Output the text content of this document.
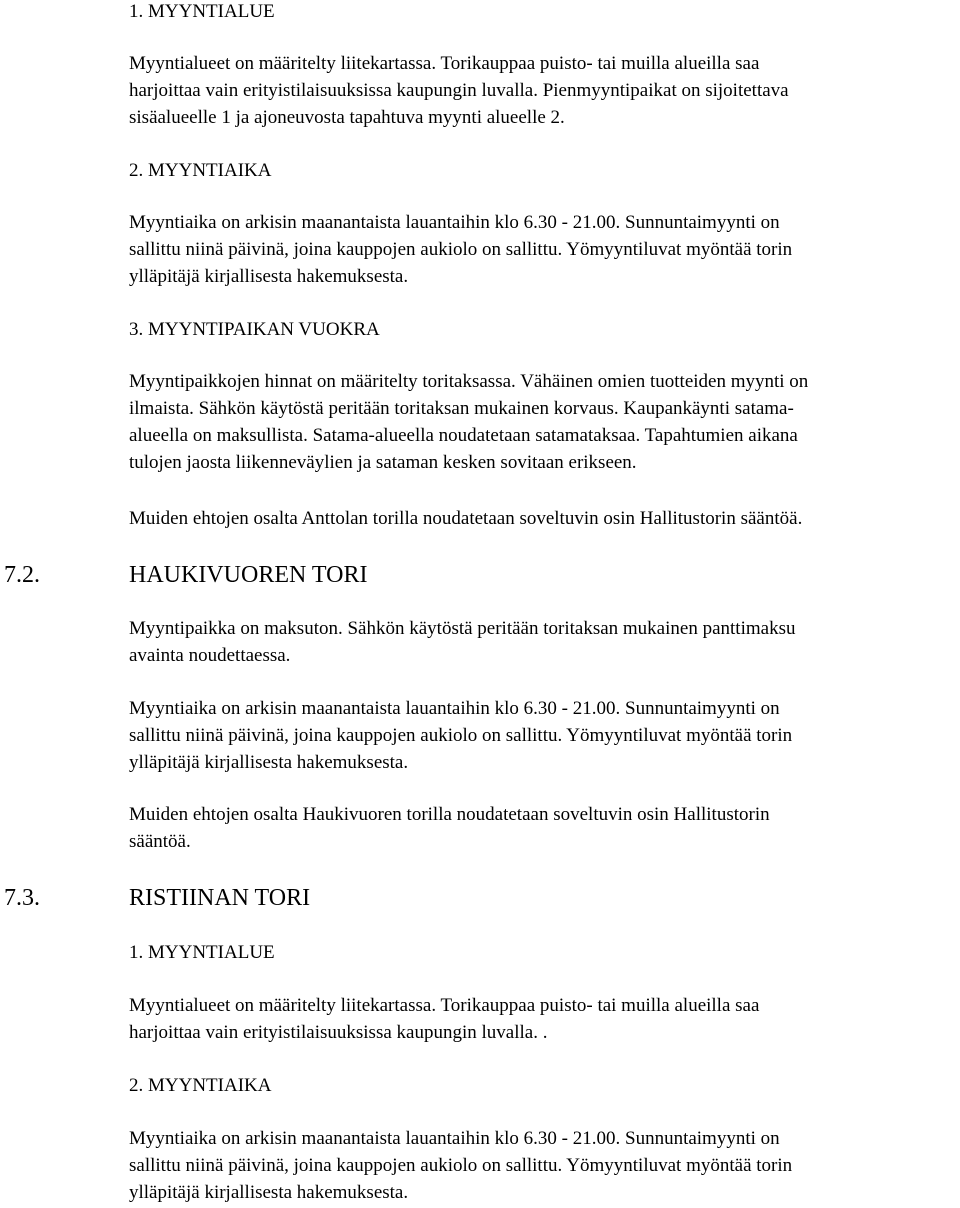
1. MYYNTIALUE

Myyntialueet on määritelty liitekartassa. Torikauppaa puisto- tai muilla alueilla saa

harjoittaa vain erityistilaisuuksissa kaupungin luvalla. Pienmyyntipaikat on sijoitettava

sisäalueelle 1 ja ajoneuvosta tapahtuva myynti alueelle 2.

2. MYYNTIAIKA

Myyntiaika on arkisin maanantaista lauantaihin klo 6.30 - 21.00. Sunnuntaimyynti on

sallittu niinä päivinä, joina kauppojen aukiolo on sallittu. Yömyyntiluvat myöntää torin

ylläpitäjä kirjallisesta hakemuksesta.

3. MYYNTIPAIKAN VUOKRA

Myyntipaikkojen hinnat on määritelty toritaksassa. Vähäinen omien tuotteiden myynti on

ilmaista. Sähkön käytöstä peritään toritaksan mukainen korvaus. Kaupankäynti satama-

alueella on maksullista. Satama-alueella noudatetaan satamataksaa. Tapahtumien aikana

tulojen jaosta liikenneväylien ja sataman kesken sovitaan erikseen.

Muiden ehtojen osalta Anttolan torilla noudatetaan soveltuvin osin Hallitustorin sääntöä.

7.2.	HAUKIVUOREN TORI

Myyntipaikka on maksuton. Sähkön käytöstä peritään toritaksan mukainen panttimaksu

avainta noudettaessa.

Myyntiaika on arkisin maanantaista lauantaihin klo 6.30 - 21.00. Sunnuntaimyynti on

sallittu niinä päivinä, joina kauppojen aukiolo on sallittu. Yömyyntiluvat myöntää torin

ylläpitäjä kirjallisesta hakemuksesta.

Muiden ehtojen osalta Haukivuoren torilla noudatetaan soveltuvin osin Hallitustorin

sääntöä.

7.3.	RISTIINAN TORI
1. MYYNTIALUE

Myyntialueet on määritelty liitekartassa. Torikauppaa puisto- tai muilla alueilla saa

harjoittaa vain erityistilaisuuksissa kaupungin luvalla. .

2. MYYNTIAIKA

Myyntiaika on arkisin maanantaista lauantaihin klo 6.30 - 21.00. Sunnuntaimyynti on

sallittu niinä päivinä, joina kauppojen aukiolo on sallittu. Yömyyntiluvat myöntää torin

ylläpitäjä kirjallisesta hakemuksesta.
